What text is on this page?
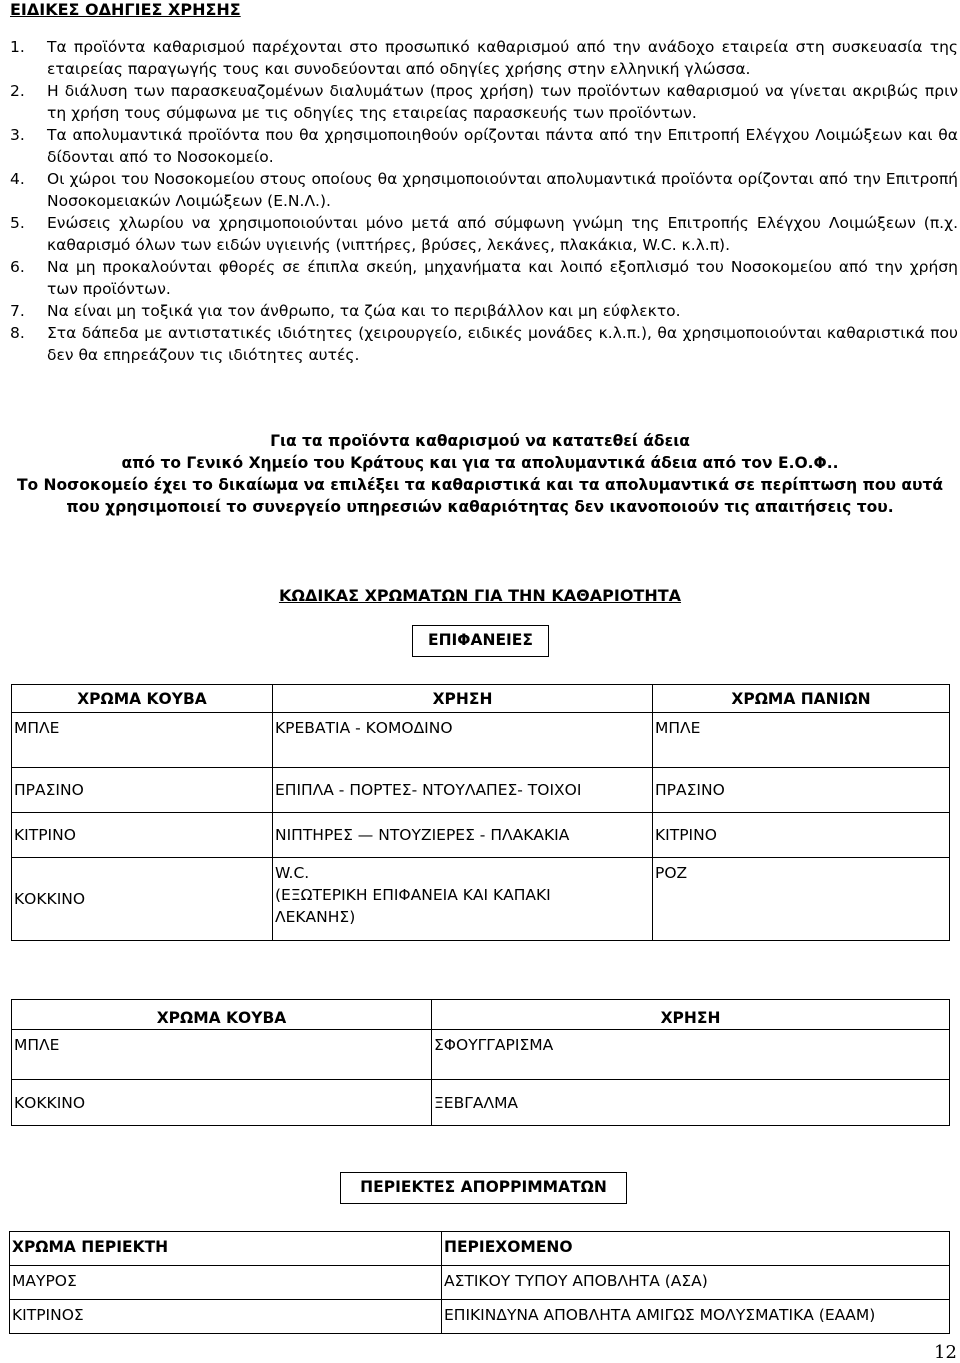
ΕΙΔΙΚΕΣ ΟΔΗΓΙΕΣ ΧΡΗΣΗΣ
1. Τα προϊόντα καθαρισμού παρέχονται στο προσωπικό καθαρισμού από την ανάδοχο εταιρεία στη συσκευασία της εταιρείας παραγωγής τους και συνοδεύονται από οδηγίες χρήσης στην ελληνική γλώσσα.
2. Η διάλυση των παρασκευαζομένων διαλυμάτων (προς χρήση) των προϊόντων καθαρισμού να γίνεται ακριβώς πριν τη χρήση τους σύμφωνα με τις οδηγίες της εταιρείας παρασκευής των προϊόντων.
3. Τα απολυμαντικά προϊόντα που θα χρησιμοποιηθούν ορίζονται πάντα από την Επιτροπή Ελέγχου Λοιμώξεων και θα δίδονται από το Νοσοκομείο.
4. Οι χώροι του Νοσοκομείου στους οποίους θα χρησιμοποιούνται απολυμαντικά προϊόντα ορίζονται από την Επιτροπή Νοσοκομειακών Λοιμώξεων (Ε.Ν.Λ.).
5. Ενώσεις χλωρίου να χρησιμοποιούνται μόνο μετά από σύμφωνη γνώμη της Επιτροπής Ελέγχου Λοιμώξεων (π.χ. καθαρισμό όλων των ειδών υγιεινής (νιπτήρες, βρύσες, λεκάνες, πλακάκια, W.C. κ.λ.π).
6. Να μη προκαλούνται φθορές σε έπιπλα σκεύη, μηχανήματα και λοιπό εξοπλισμό του Νοσοκομείου από την χρήση των προϊόντων.
7. Να είναι μη τοξικά για τον άνθρωπο, τα ζώα και το περιβάλλον και μη εύφλεκτο.
8. Στα δάπεδα με αντιστατικές ιδιότητες (χειρουργείο, ειδικές μονάδες κ.λ.π.), θα χρησιμοποιούνται καθαριστικά που δεν θα επηρεάζουν τις ιδιότητες αυτές.
Για τα προϊόντα καθαρισμού να κατατεθεί άδεια
από το Γενικό Χημείο του Κράτους και για τα απολυμαντικά άδεια από τον Ε.Ο.Φ..
Το Νοσοκομείο έχει το δικαίωμα να επιλέξει τα καθαριστικά και τα απολυμαντικά σε περίπτωση που αυτά
που χρησιμοποιεί το συνεργείο υπηρεσιών καθαριότητας δεν ικανοποιούν τις απαιτήσεις του.
ΚΩΔΙΚΑΣ ΧΡΩΜΑΤΩΝ ΓΙΑ ΤΗΝ ΚΑΘΑΡΙΟΤΗΤΑ
ΕΠΙΦΑΝΕΙΕΣ
ΧΡΩΜΑ ΚΟΥΒΑ	ΧΡΗΣΗ	ΧΡΩΜΑ ΠΑΝΙΩΝ
ΜΠΛΕ	ΚΡΕΒΑΤΙΑ - ΚΟΜΟΔΙΝΟ	ΜΠΛΕ
ΠΡΑΣΙΝΟ	ΕΠΙΠΛΑ - ΠΟΡΤΕΣ- ΝΤΟΥΛΑΠΕΣ- ΤΟΙΧΟΙ	ΠΡΑΣΙΝΟ
ΚΙΤΡΙΝΟ	ΝΙΠΤΗΡΕΣ — ΝΤΟΥΖΙΕΡΕΣ - ΠΛΑΚΑΚΙΑ	ΚΙΤΡΙΝΟ
ΚΟΚΚΙΝΟ	W.C.
(ΕΞΩΤΕΡΙΚΗ ΕΠΙΦΑΝΕΙΑ ΚΑΙ ΚΑΠΑΚΙ
ΛΕΚΑΝΗΣ)	ΡΟΖ
ΧΡΩΜΑ ΚΟΥΒΑ	ΧΡΗΣΗ
ΜΠΛΕ	ΣΦΟΥΓΓΑΡΙΣΜΑ
ΚΟΚΚΙΝΟ	ΞΕΒΓΑΛΜΑ
ΠΕΡΙΕΚΤΕΣ ΑΠΟΡΡΙΜΜΑΤΩΝ
ΧΡΩΜΑ ΠΕΡΙΕΚΤΗ	ΠΕΡΙΕΧΟΜΕΝΟ
ΜΑΥΡΟΣ	ΑΣΤΙΚΟΥ ΤΥΠΟΥ ΑΠΟΒΛΗΤΑ (ΑΣΑ)
ΚΙΤΡΙΝΟΣ	ΕΠΙΚΙΝΔΥΝΑ ΑΠΟΒΛΗΤΑ ΑΜΙΓΩΣ ΜΟΛΥΣΜΑΤΙΚΑ (ΕΑΑΜ)
12
